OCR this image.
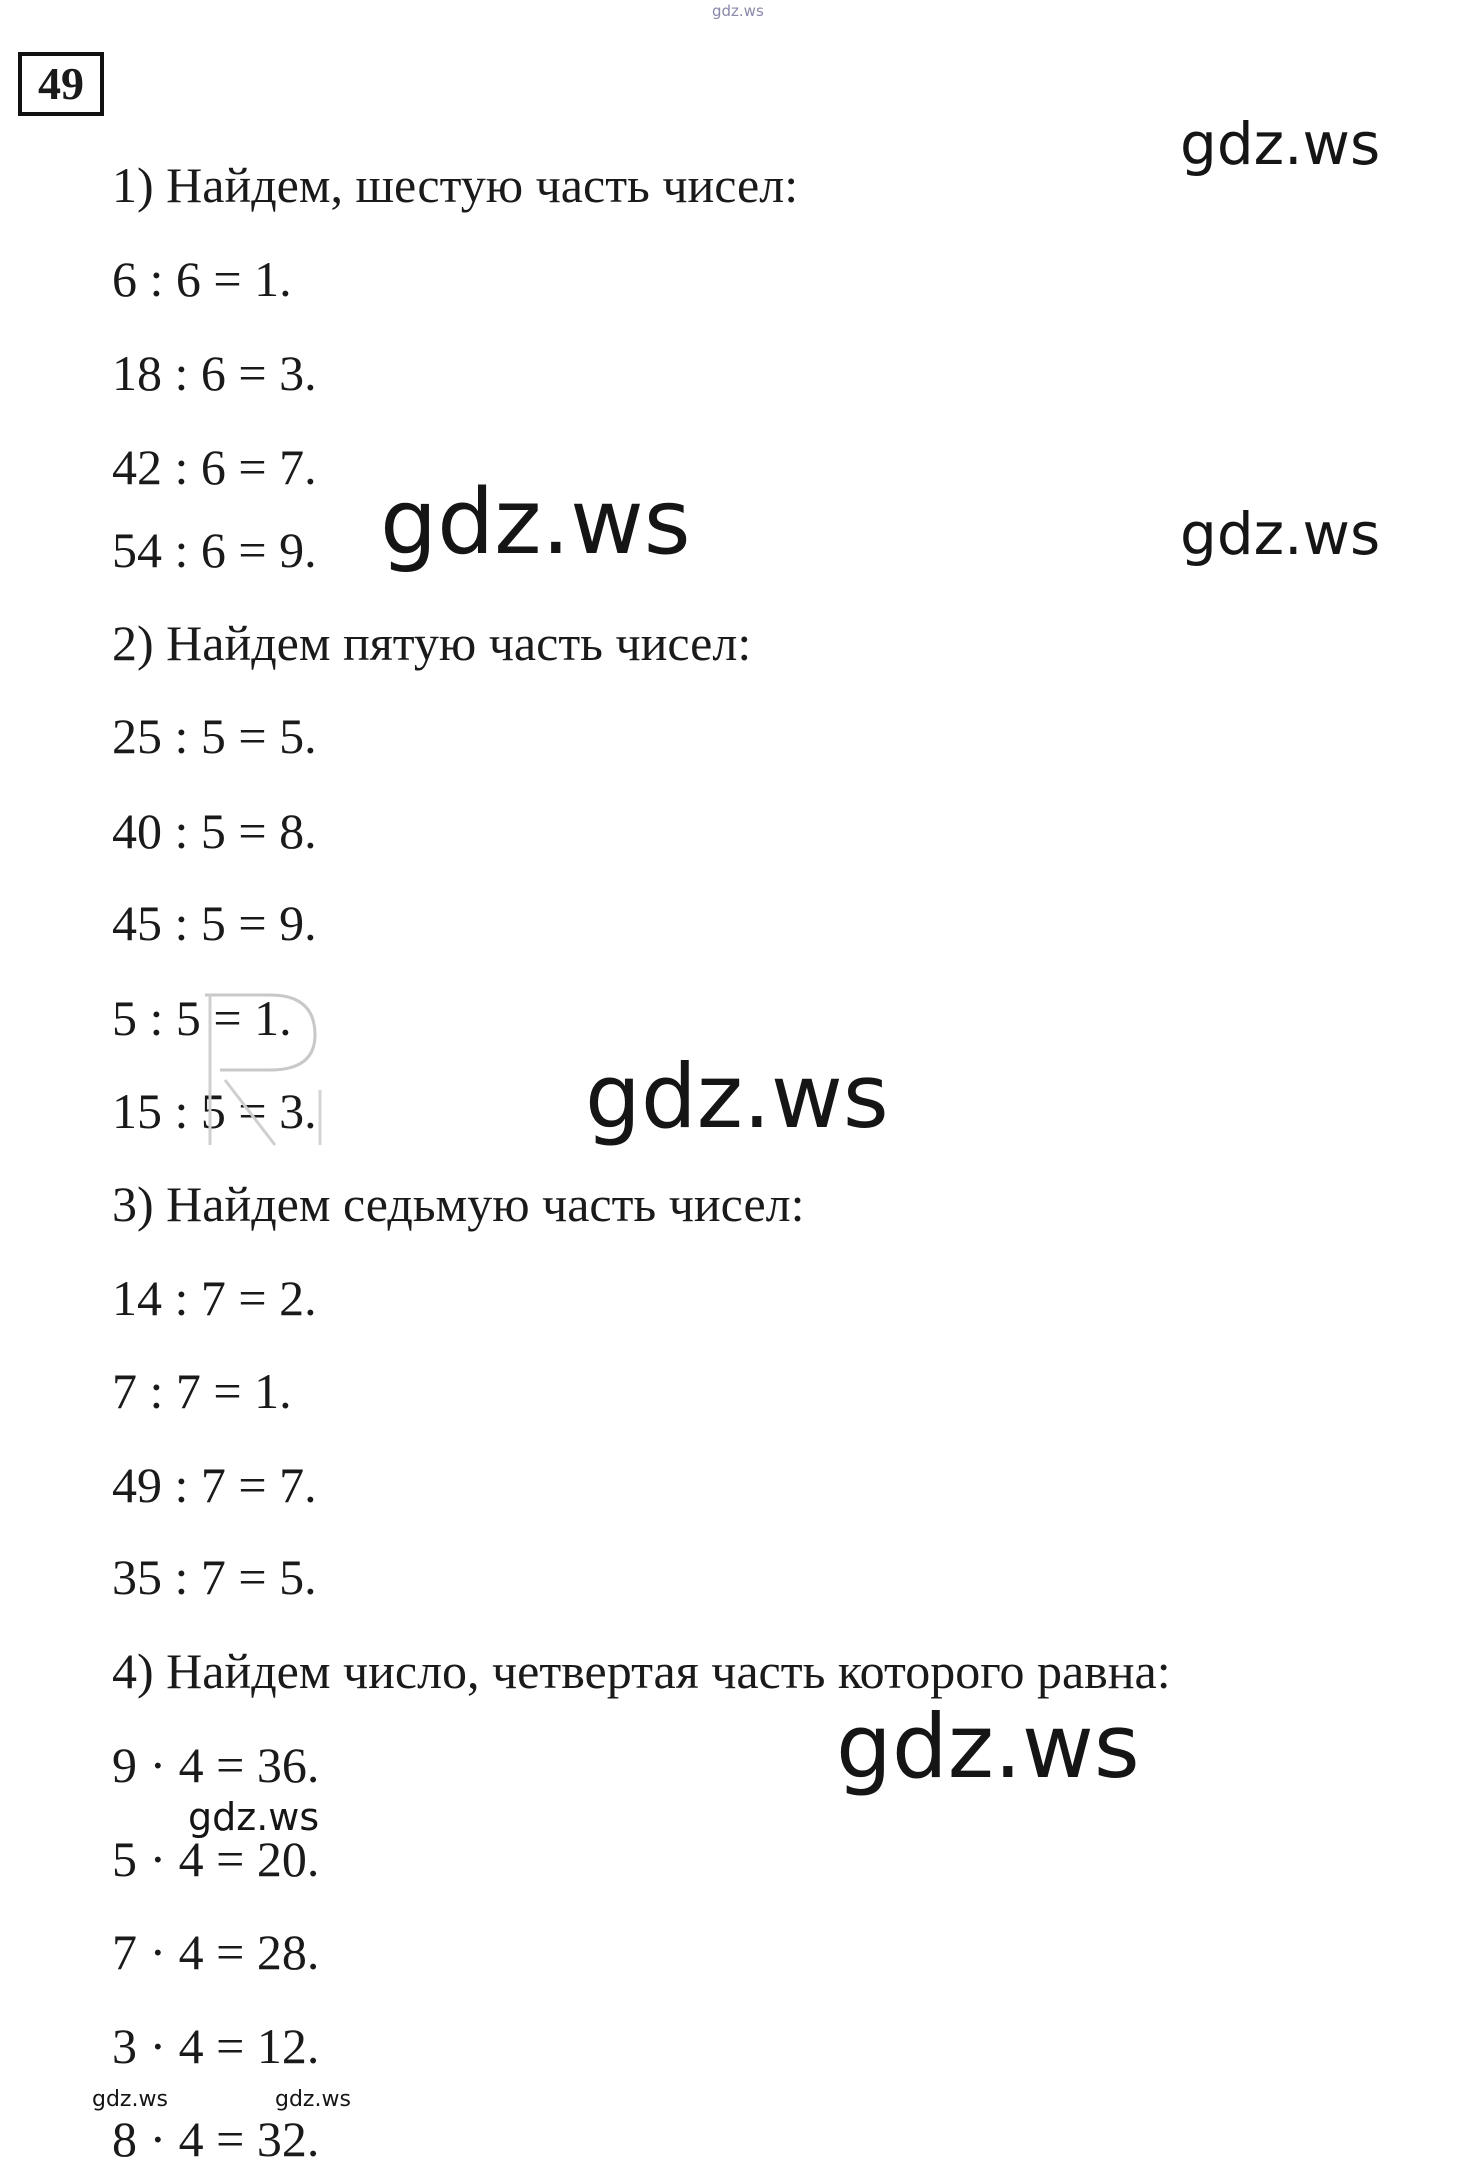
49
1) Найдем, шестую часть чисел:
6 : 6 = 1.
18 : 6 = 3.
42 : 6 = 7.
54 : 6 = 9.
2) Найдем пятую часть чисел:
25 : 5 = 5.
40 : 5 = 8.
45 : 5 = 9.
5 : 5 = 1.
15 : 5 = 3.
3) Найдем седьмую часть чисел:
14 : 7 = 2.
7 : 7 = 1.
49 : 7 = 7.
35 : 7 = 5.
4) Найдем число, четвертая часть которого равна:
9 · 4 = 36.
5 · 4 = 20.
7 · 4 = 28.
3 · 4 = 12.
8 · 4 = 32.
gdz.ws
gdz.ws
gdz.ws	gdz.ws
gdz.ws
gdz.ws
gdz.ws
gdz.ws	gdz.ws
